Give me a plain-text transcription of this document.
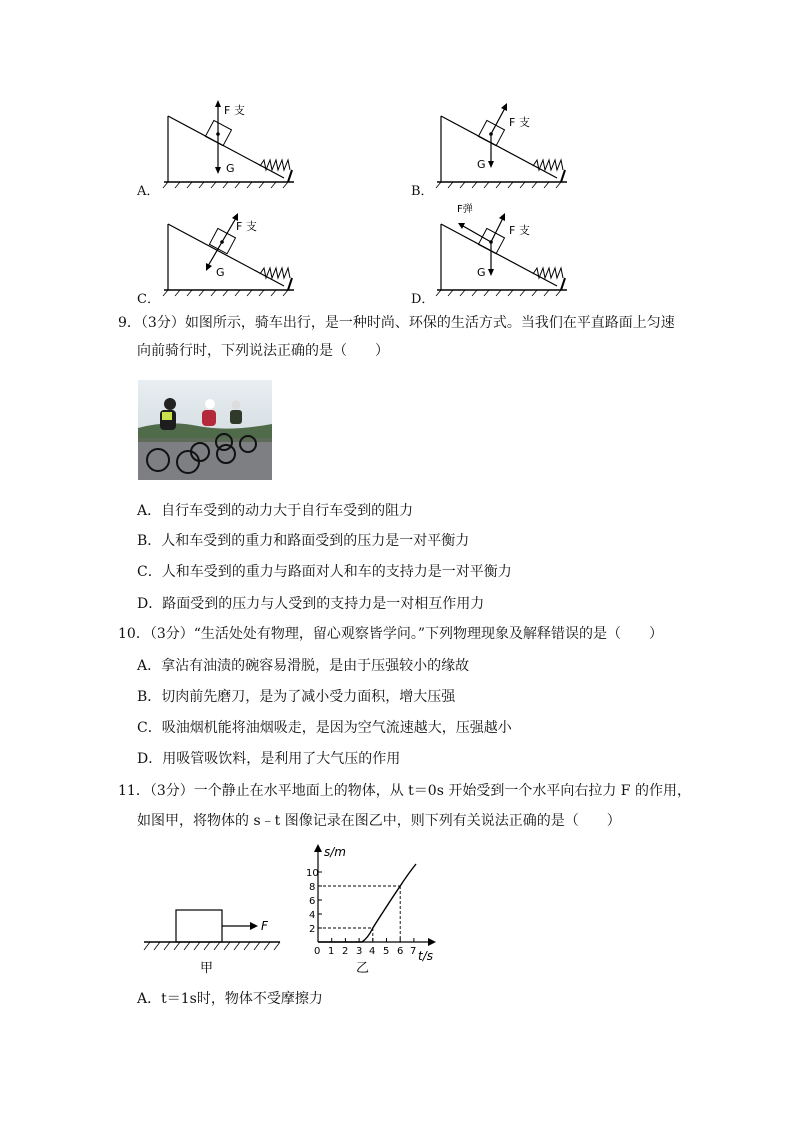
A．
F 支
G
B．
F 支
G
C．
F 支
G
D．
F 支
F弹
G
9．（3分）如图所示，骑车出行，是一种时尚、环保的生活方式。当我们在平直路面上匀速
向前骑行时，下列说法正确的是（　　）
A．自行车受到的动力大于自行车受到的阻力
B．人和车受到的重力和路面受到的压力是一对平衡力
C．人和车受到的重力与路面对人和车的支持力是一对平衡力
D．路面受到的压力与人受到的支持力是一对相互作用力
10．（3分）“生活处处有物理，留心观察皆学问。”下列物理现象及解释错误的是（　　）
A．拿沾有油渍的碗容易滑脱，是由于压强较小的缘故
B．切肉前先磨刀，是为了减小受力面积，增大压强
C．吸油烟机能将油烟吸走，是因为空气流速越大，压强越小
D．用吸管吸饮料，是利用了大气压的作用
11．（3分）一个静止在水平地面上的物体，从 t＝0s 开始受到一个水平向右拉力 F 的作用，
如图甲，将物体的 s﹣t 图像记录在图乙中，则下列有关说法正确的是（　　）
F
甲
s/m
t/s
10
8
6
4
2
0 1 2 3 4 5 6 7
乙
A．t＝1s时，物体不受摩擦力
